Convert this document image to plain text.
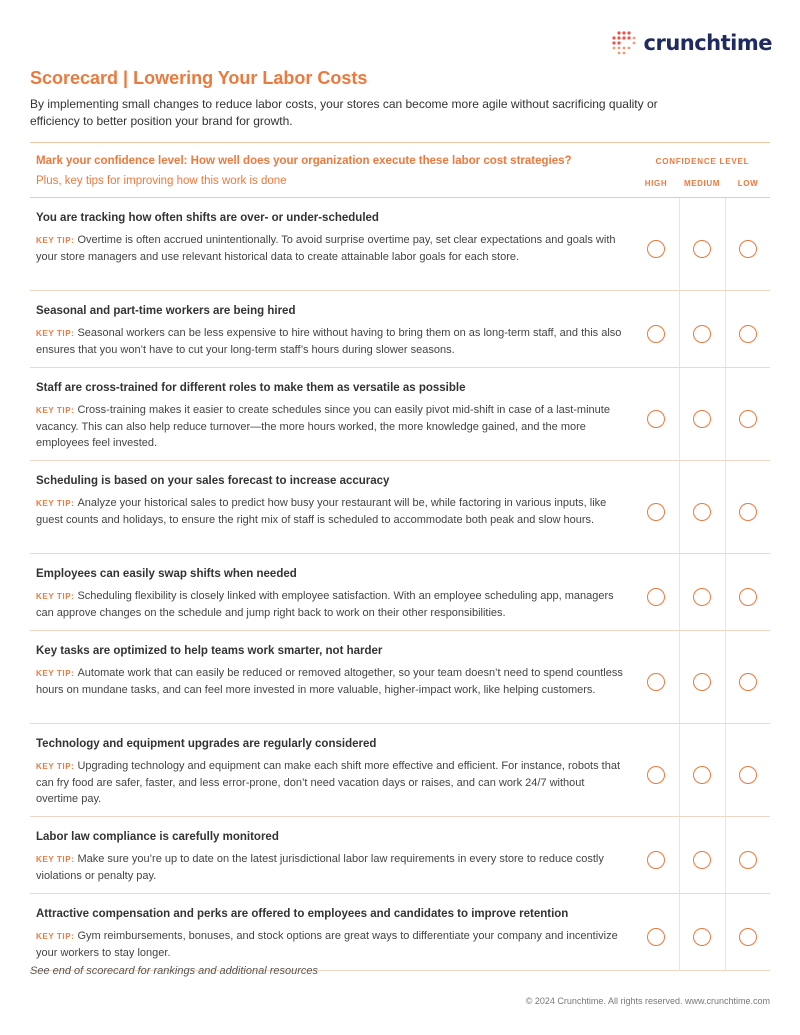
crunchtime
Scorecard | Lowering Your Labor Costs

By implementing small changes to reduce labor costs, your stores can become more agile without sacrificing quality or efficiency to better position your brand for growth.

Mark your confidence level: How well does your organization execute these labor cost strategies?
Plus, key tips for improving how this work is done
CONFIDENCE LEVEL
HIGH	MEDIUM	LOW
You are tracking how often shifts are over- or under-scheduled

KEY TIP: Overtime is often accrued unintentionally. To avoid surprise overtime pay, set clear expectations and goals with your store managers and use relevant historical data to create attainable labor goals for each store.

Seasonal and part-time workers are being hired

KEY TIP: Seasonal workers can be less expensive to hire without having to bring them on as long-term staff, and this also ensures that you won’t have to cut your long-term staff’s hours during slower seasons.

Staff are cross-trained for different roles to make them as versatile as possible

KEY TIP: Cross-training makes it easier to create schedules since you can easily pivot mid-shift in case of a last-minute vacancy. This can also help reduce turnover—the more hours worked, the more knowledge gained, and the more employees feel invested.

Scheduling is based on your sales forecast to increase accuracy

KEY TIP: Analyze your historical sales to predict how busy your restaurant will be, while factoring in various inputs, like guest counts and holidays, to ensure the right mix of staff is scheduled to accommodate both peak and slow hours.

Employees can easily swap shifts when needed

KEY TIP: Scheduling flexibility is closely linked with employee satisfaction. With an employee scheduling app, managers can approve changes on the schedule and jump right back to work on their other responsibilities.

Key tasks are optimized to help teams work smarter, not harder

KEY TIP: Automate work that can easily be reduced or removed altogether, so your team doesn’t need to spend countless hours on mundane tasks, and can feel more invested in more valuable, higher-impact work, like helping customers.

Technology and equipment upgrades are regularly considered

KEY TIP: Upgrading technology and equipment can make each shift more effective and efficient. For instance, robots that can fry food are safer, faster, and less error-prone, don’t need vacation days or raises, and can work 24/7 without overtime pay.

Labor law compliance is carefully monitored

KEY TIP: Make sure you’re up to date on the latest jurisdictional labor law requirements in every store to reduce costly violations or penalty pay.

Attractive compensation and perks are offered to employees and candidates to improve retention

KEY TIP: Gym reimbursements, bonuses, and stock options are great ways to differentiate your company and incentivize your workers to stay longer.

See end of scorecard for rankings and additional resources
© 2024 Crunchtime. All rights reserved. www.crunchtime.com
